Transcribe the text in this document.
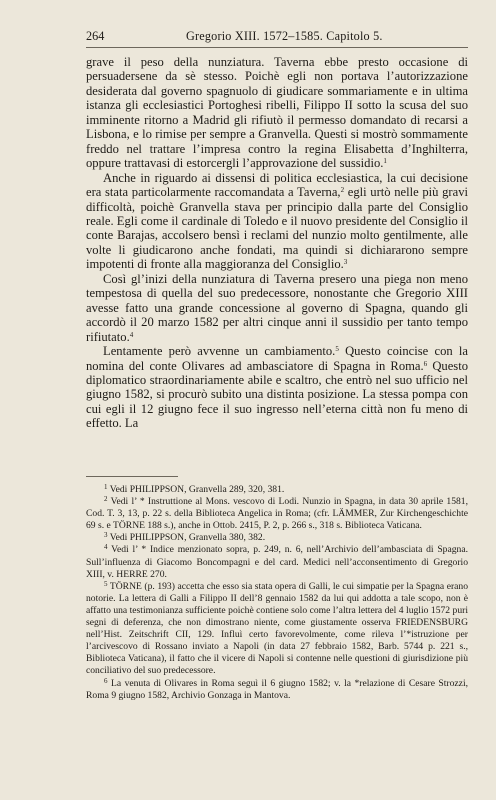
264	Gregorio XIII. 1572–1585. Capitolo 5.

grave il peso della nunziatura. Taverna ebbe presto occasione di persuadersene da sè stesso. Poichè egli non portava l’autorizzazione desiderata dal governo spagnuolo di giudicare sommariamente e in ultima istanza gli ecclesiastici Portoghesi ribelli, Filippo II sotto la scusa del suo imminente ritorno a Madrid gli rifiutò il permesso domandato di recarsi a Lisbona, e lo rimise per sempre a Granvella. Questi si mostrò sommamente freddo nel trattare l’impresa contro la regina Elisabetta d’Inghilterra, oppure trattavasi di estorcergli l’approvazione del sussidio.$^1$

Anche in riguardo ai dissensi di politica ecclesiastica, la cui decisione era stata particolarmente raccomandata a Taverna,$^2$ egli urtò nelle più gravi difficoltà, poichè Granvella stava per principio dalla parte del Consiglio reale. Egli come il cardinale di Toledo e il nuovo presidente del Consiglio il conte Barajas, accolsero bensì i reclami del nunzio molto gentilmente, alle volte li giudicarono anche fondati, ma quindi si dichiararono sempre impotenti di fronte alla maggioranza del Consiglio.$^3$

Così gl’inizi della nunziatura di Taverna presero una piega non meno tempestosa di quella del suo predecessore, nonostante che Gregorio XIII avesse fatto una grande concessione al governo di Spagna, quando gli accordò il 20 marzo 1582 per altri cinque anni il sussidio per tanto tempo rifiutato.$^4$

Lentamente però avvenne un cambiamento.$^5$ Questo coincise con la nomina del conte Olivares ad ambasciatore di Spagna in Roma.$^6$ Questo diplomatico straordinariamente abile e scaltro, che entrò nel suo ufficio nel giugno 1582, si procurò subito una distinta posizione. La stessa pompa con cui egli il 12 giugno fece il suo ingresso nell’eterna città non fu meno di effetto. La

$^1$ Vedi PHILIPPSON, Granvella 289, 320, 381.

$^2$ Vedi l’ * Instruttione al Mons. vescovo di Lodi. Nunzio in Spagna, in data 30 aprile 1581, Cod. T. 3, 13, p. 22 s. della Biblioteca Angelica in Roma; (cfr. LÄMMER, Zur Kirchengeschichte 69 s. e TÖRNE 188 s.), anche in Ottob. 2415, P. 2, p. 266 s., 318 s. Biblioteca Vaticana.

$^3$ Vedi PHILIPPSON, Granvella 380, 382.

$^4$ Vedi l’ * Indice menzionato sopra, p. 249, n. 6, nell’Archivio dell’ambasciata di Spagna. Sull’influenza di Giacomo Boncompagni e del card. Medici nell’acconsentimento di Gregorio XIII, v. HERRE 270.

$^5$ TÖRNE (p. 193) accetta che esso sia stata opera di Galli, le cui simpatie per la Spagna erano notorie. La lettera di Galli a Filippo II dell’8 gennaio 1582 da lui qui addotta a tale scopo, non è affatto una testimonianza sufficiente poichè contiene solo come l’altra lettera del 4 luglio 1572 puri segni di deferenza, che non dimostrano niente, come giustamente osserva FRIEDENSBURG nell’Hist. Zeitschrift CII, 129. Influì certo favorevolmente, come rileva l’*istruzione per l’arcivescovo di Rossano inviato a Napoli (in data 27 febbraio 1582, Barb. 5744 p. 221 s., Biblioteca Vaticana), il fatto che il vicere di Napoli si contenne nelle questioni di giurisdizione più conciliativo del suo predecessore.

$^6$ La venuta di Olivares in Roma seguì il 6 giugno 1582; v. la *relazione di Cesare Strozzi, Roma 9 giugno 1582, Archivio Gonzaga in Mantova.
